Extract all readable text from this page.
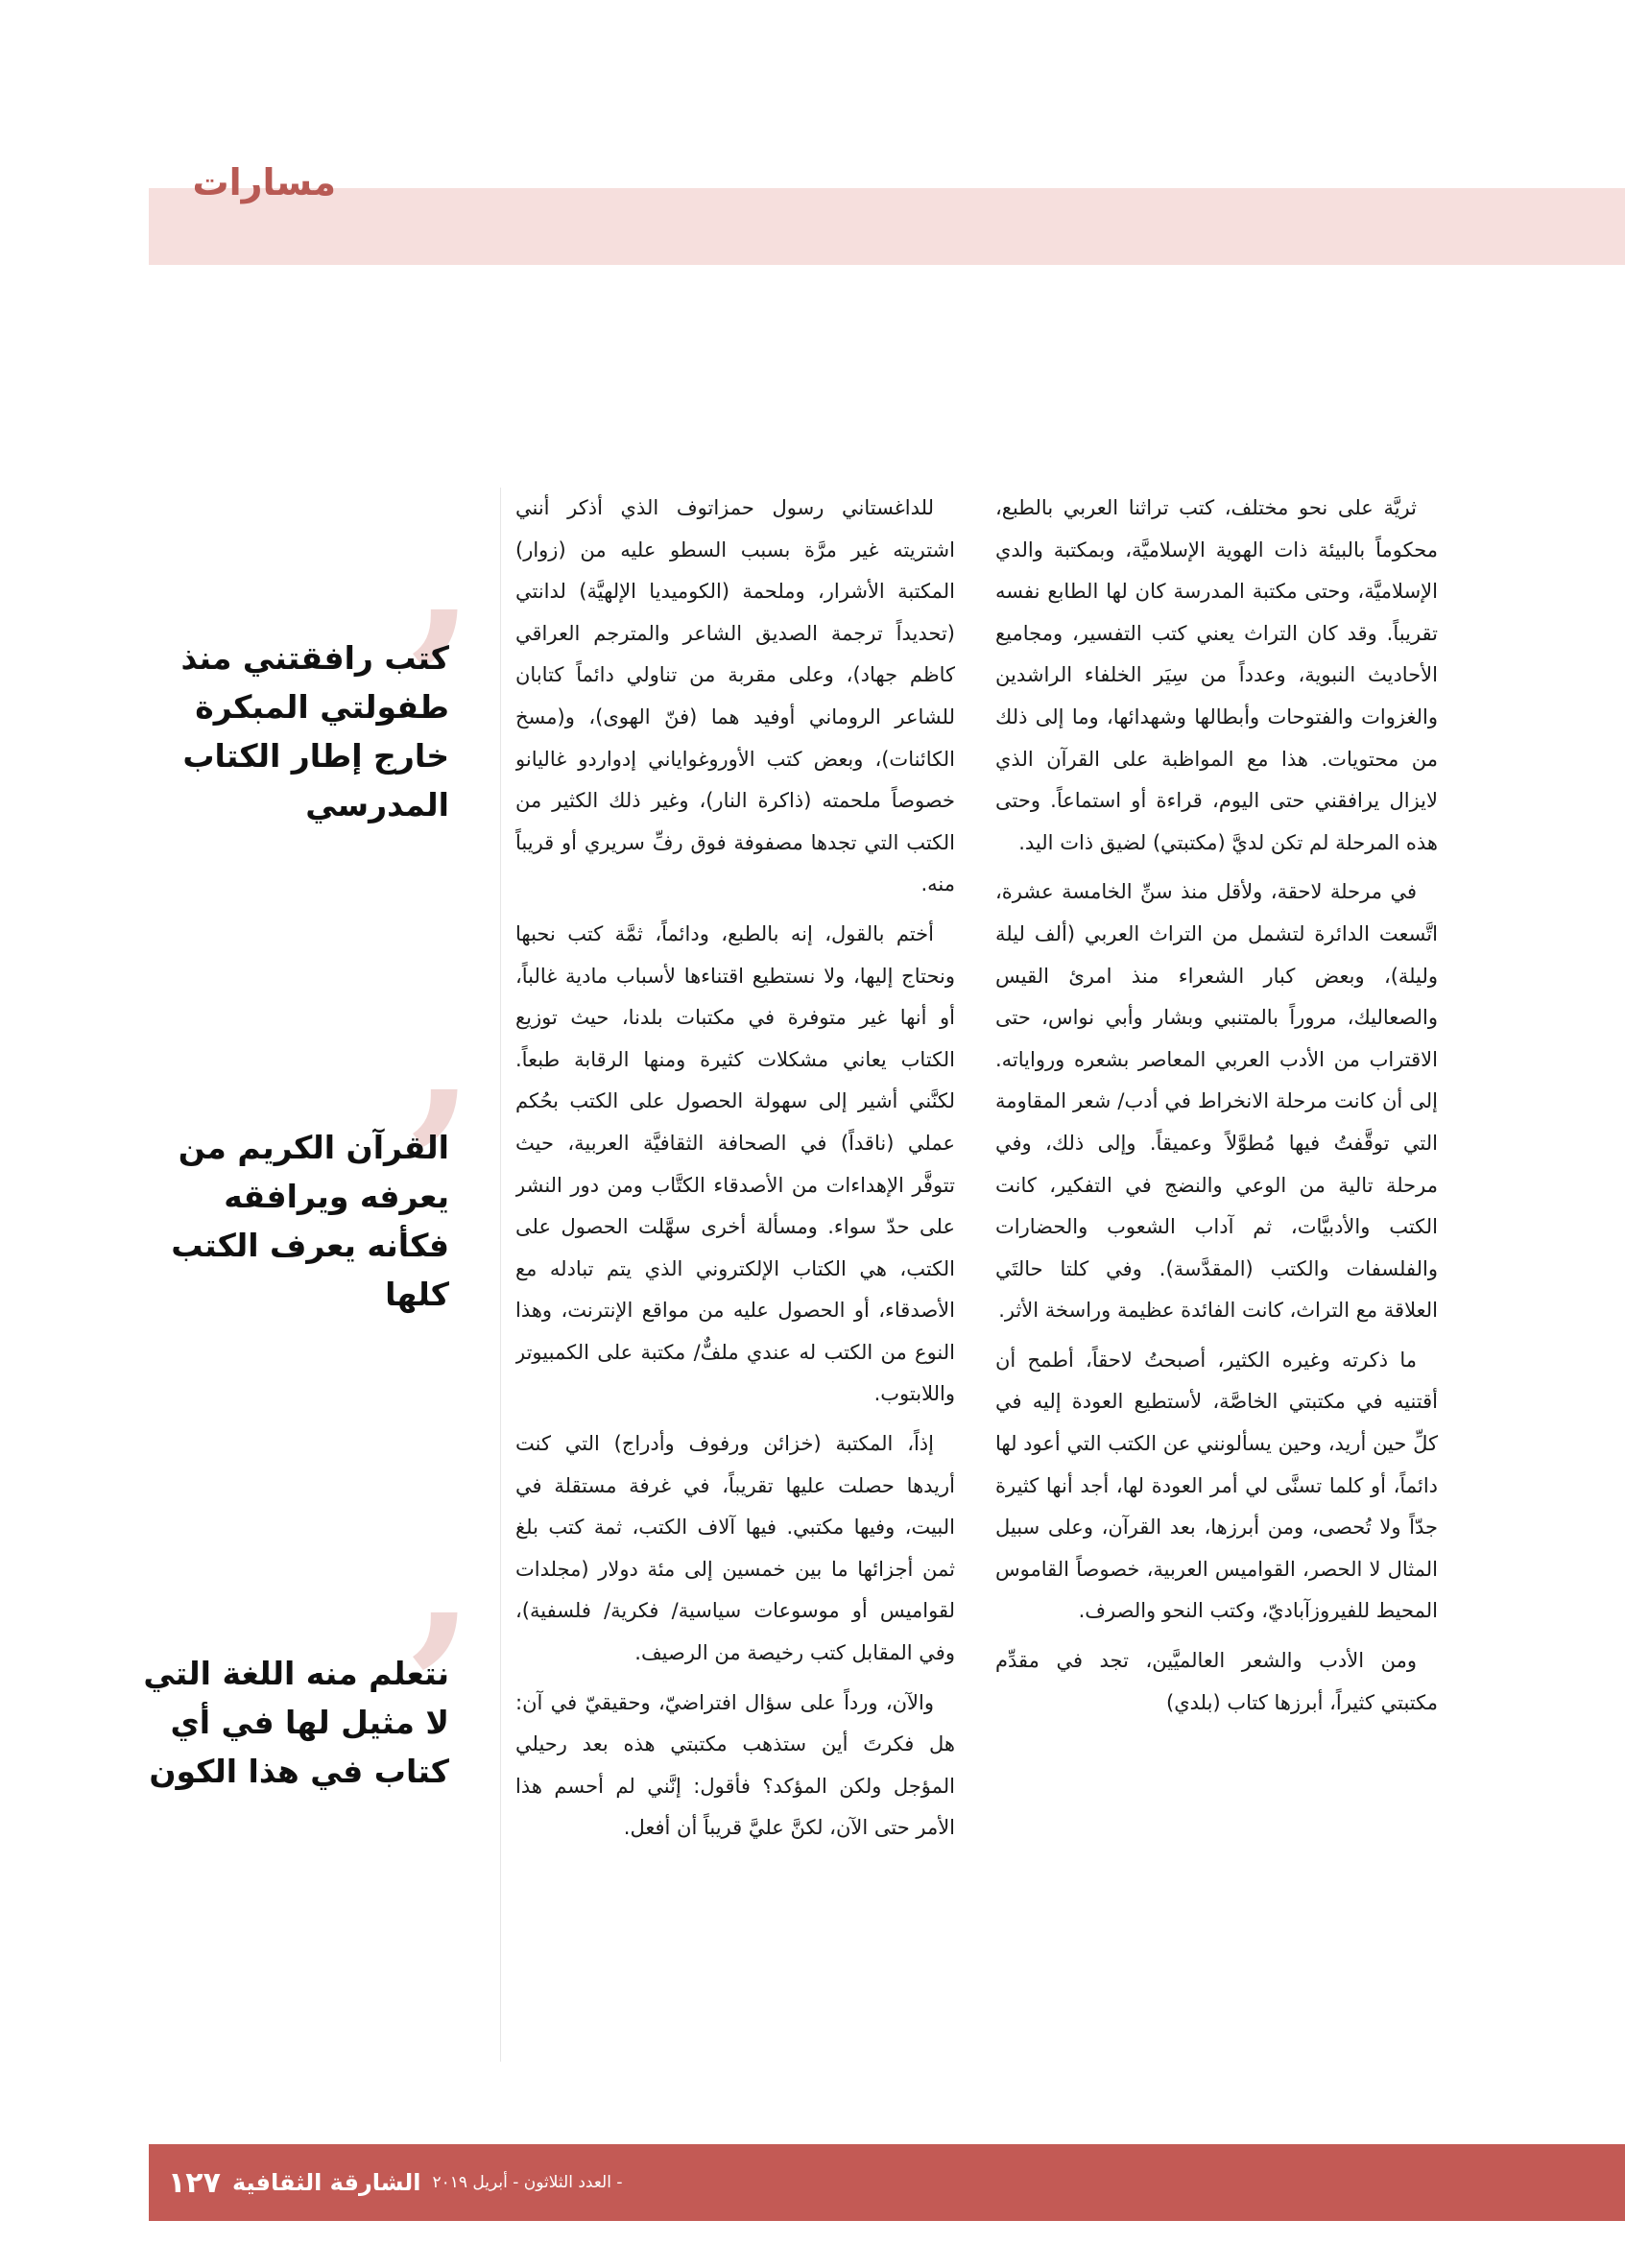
مسارات
’
كتب رافقتني منذ طفولتي المبكرة خارج إطار الكتاب المدرسي
’
القرآن الكريم من يعرفه ويرافقه فكأنه يعرف الكتب كلها
’
نتعلم منه اللغة التي لا مثيل لها في أي كتاب في هذا الكون

ثريَّة على نحو مختلف، كتب تراثنا العربي بالطبع، محكوماً بالبيئة ذات الهوية الإسلاميَّة، وبمكتبة والدي الإسلاميَّة، وحتى مكتبة المدرسة كان لها الطابع نفسه تقريباً. وقد كان التراث يعني كتب التفسير، ومجاميع الأحاديث النبوية، وعدداً من سِيَر الخلفاء الراشدين والغزوات والفتوحات وأبطالها وشهدائها، وما إلى ذلك من محتويات. هذا مع المواظبة على القرآن الذي لايزال يرافقني حتى اليوم، قراءة أو استماعاً. وحتى هذه المرحلة لم تكن لديَّ (مكتبتي) لضيق ذات اليد.

في مرحلة لاحقة، ولأقل منذ سنِّ الخامسة عشرة، اتَّسعت الدائرة لتشمل من التراث العربي (ألف ليلة وليلة)، وبعض كبار الشعراء منذ امرئ القيس والصعاليك، مروراً بالمتنبي وبشار وأبي نواس، حتى الاقتراب من الأدب العربي المعاصر بشعره ورواياته. إلى أن كانت مرحلة الانخراط في أدب/ شعر المقاومة التي توقَّفتُ فيها مُطوَّلاً وعميقاً. وإلى ذلك، وفي مرحلة تالية من الوعي والنضج في التفكير، كانت الكتب والأدبيَّات، ثم آداب الشعوب والحضارات والفلسفات والكتب (المقدَّسة). وفي كلتا حالتَي العلاقة مع التراث، كانت الفائدة عظيمة وراسخة الأثر.

ما ذكرته وغيره الكثير، أصبحتُ لاحقاً، أطمح أن أقتنيه في مكتبتي الخاصَّة، لأستطيع العودة إليه في كلِّ حين أريد، وحين يسألونني عن الكتب التي أعود لها دائماً، أو كلما تسنَّى لي أمر العودة لها، أجد أنها كثيرة جدّاً ولا تُحصى، ومن أبرزها، بعد القرآن، وعلى سبيل المثال لا الحصر، القواميس العربية، خصوصاً القاموس المحيط للفيروزآباديّ، وكتب النحو والصرف.

ومن الأدب والشعر العالميَّين، تجد في مقدِّم مكتبتي كثيراً، أبرزها كتاب (بلدي)

للداغستاني رسول حمزاتوف الذي أذكر أنني اشتريته غير مرَّة بسبب السطو عليه من (زوار) المكتبة الأشرار، وملحمة (الكوميديا الإلهيَّة) لدانتي (تحديداً ترجمة الصديق الشاعر والمترجم العراقي كاظم جهاد)، وعلى مقربة من تناولي دائماً كتابان للشاعر الروماني أوفيد هما (فنّ الهوى)، و(مسخ الكائنات)، وبعض كتب الأوروغواياني إدواردو غاليانو خصوصاً ملحمته (ذاكرة النار)، وغير ذلك الكثير من الكتب التي تجدها مصفوفة فوق رفِّ سريري أو قريباً منه.

أختم بالقول، إنه بالطبع، ودائماً، ثمَّة كتب نحبها ونحتاج إليها، ولا نستطيع اقتناءها لأسباب مادية غالباً، أو أنها غير متوفرة في مكتبات بلدنا، حيث توزيع الكتاب يعاني مشكلات كثيرة ومنها الرقابة طبعاً. لكنَّني أشير إلى سهولة الحصول على الكتب بحُكم عملي (ناقداً) في الصحافة الثقافيَّة العربية، حيث تتوفَّر الإهداءات من الأصدقاء الكتَّاب ومن دور النشر على حدّ سواء. ومسألة أخرى سهَّلت الحصول على الكتب، هي الكتاب الإلكتروني الذي يتم تبادله مع الأصدقاء، أو الحصول عليه من مواقع الإنترنت، وهذا النوع من الكتب له عندي ملفٌّ/ مكتبة على الكمبيوتر واللابتوب.

إذاً، المكتبة (خزائن ورفوف وأدراج) التي كنت أريدها حصلت عليها تقريباً، في غرفة مستقلة في البيت، وفيها مكتبي. فيها آلاف الكتب، ثمة كتب بلغ ثمن أجزائها ما بين خمسين إلى مئة دولار (مجلدات لقواميس أو موسوعات سياسية/ فكرية/ فلسفية)، وفي المقابل كتب رخيصة من الرصيف.

والآن، ورداً على سؤال افتراضيّ، وحقيقيّ في آن: هل فكرتَ أين ستذهب مكتبتي هذه بعد رحيلي المؤجل ولكن المؤكد؟ فأقول: إنَّني لم أحسم هذا الأمر حتى الآن، لكنَّ عليَّ قريباً أن أفعل.

١٢٧ الشارقة الثقافية العدد الثلاثون - أبريل ٢٠١٩ -
